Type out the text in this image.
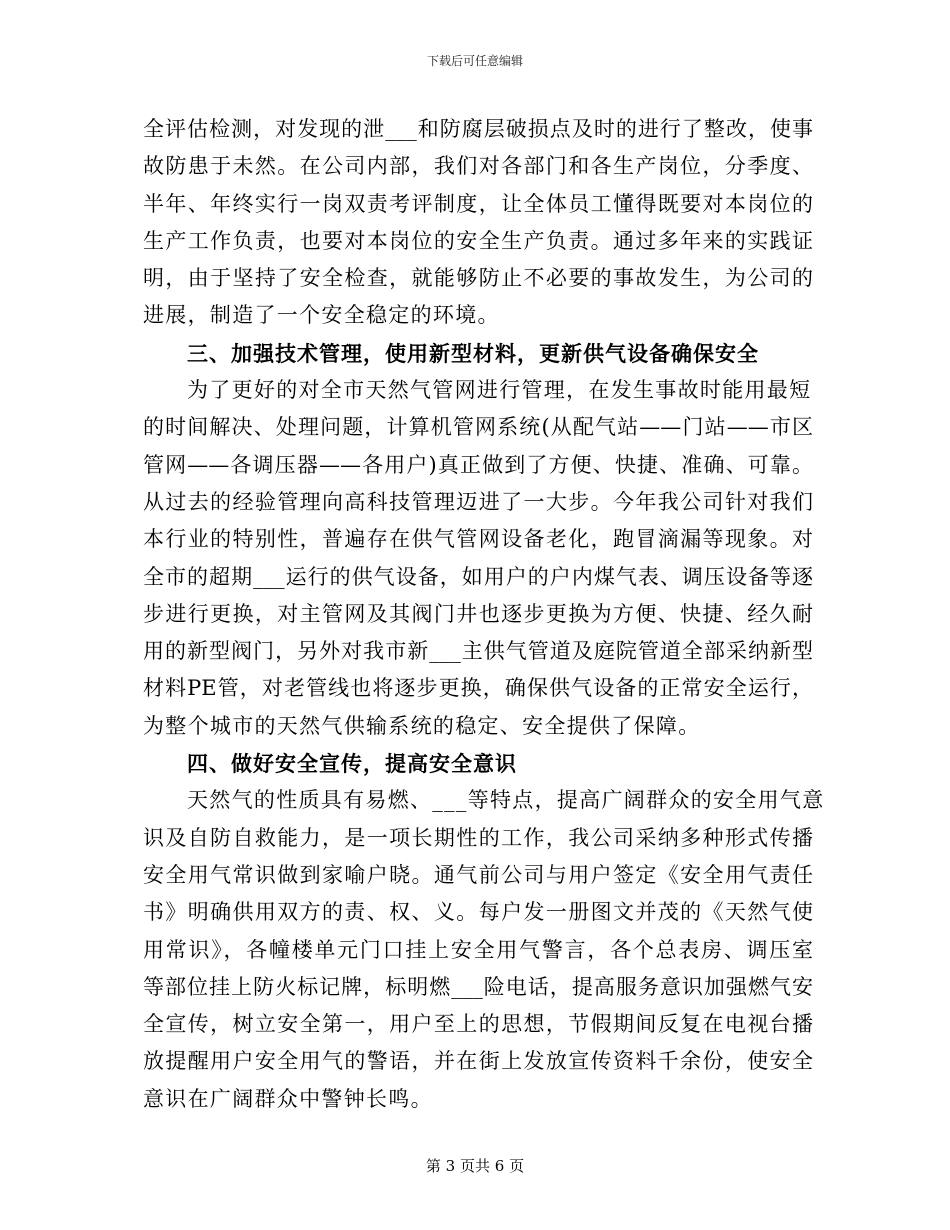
下载后可任意编辑
全评估检测，对发现的泄___和防腐层破损点及时的进行了整改，使事
故防患于未然。在公司内部，我们对各部门和各生产岗位，分季度、
半年、年终实行一岗双责考评制度，让全体员工懂得既要对本岗位的
生产工作负责，也要对本岗位的安全生产负责。通过多年来的实践证
明，由于坚持了安全检查，就能够防止不必要的事故发生，为公司的
进展，制造了一个安全稳定的环境。
三、加强技术管理，使用新型材料，更新供气设备确保安全
为了更好的对全市天然气管网进行管理，在发生事故时能用最短
的时间解决、处理问题，计算机管网系统(从配气站——门站——市区
管网——各调压器——各用户)真正做到了方便、快捷、准确、可靠。
从过去的经验管理向高科技管理迈进了一大步。今年我公司针对我们
本行业的特别性，普遍存在供气管网设备老化，跑冒滴漏等现象。对
全市的超期___运行的供气设备，如用户的户内煤气表、调压设备等逐
步进行更换，对主管网及其阀门井也逐步更换为方便、快捷、经久耐
用的新型阀门，另外对我市新___主供气管道及庭院管道全部采纳新型
材料PE管，对老管线也将逐步更换，确保供气设备的正常安全运行，
为整个城市的天然气供输系统的稳定、安全提供了保障。
四、做好安全宣传，提高安全意识
天然气的性质具有易燃、___等特点，提高广阔群众的安全用气意
识及自防自救能力，是一项长期性的工作，我公司采纳多种形式传播
安全用气常识做到家喻户晓。通气前公司与用户签定《安全用气责任
书》明确供用双方的责、权、义。每户发一册图文并茂的《天然气使
用常识》，各幢楼单元门口挂上安全用气警言，各个总表房、调压室
等部位挂上防火标记牌，标明燃___险电话，提高服务意识加强燃气安
全宣传，树立安全第一，用户至上的思想，节假期间反复在电视台播
放提醒用户安全用气的警语，并在街上发放宣传资料千余份，使安全
意识在广阔群众中警钟长鸣。
第 3 页共 6 页
